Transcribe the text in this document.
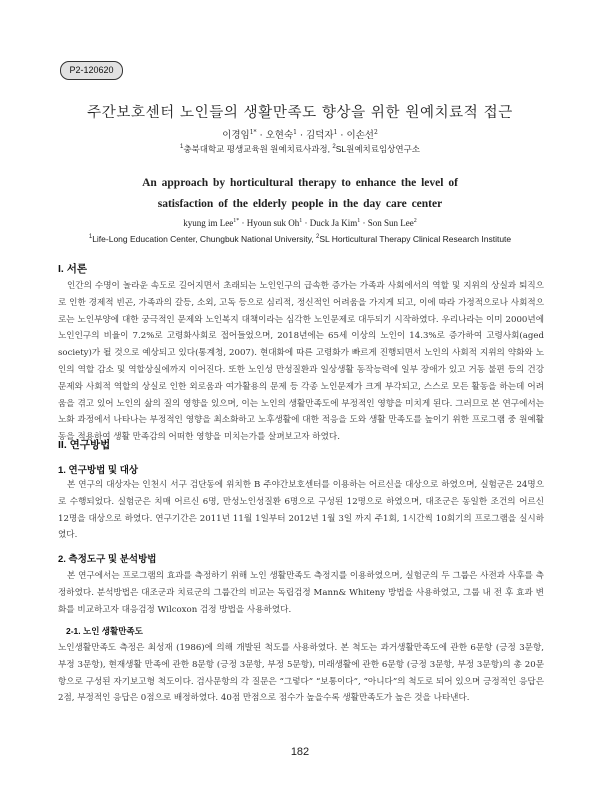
P2-120620
주간보호센터 노인들의 생활만족도 향상을 위한 원예치료적 접근
이경임$^{1*}$ · 오현숙$^1$ · 김덕자$^1$ · 이손선$^2$
$^1$충북대학교 평생교육원 원예치료사과정, $^2$SL원예치료임상연구소
An approach by horticultural therapy to enhance the level of
satisfaction of the elderly people in the day care center
kyung im Lee$^{1*}$ · Hyoun suk $Oh^1$ · Duck Ja Kim$^1$ · Son Sun Lee$^2$
$^1$Life-Long Education Center, Chungbuk National University, $^2$SL Horticultural Therapy Clinical Research Institute
I. 서론

인간의 수명이 놀라운 속도로 길어지면서 초래되는 노인인구의 급속한 증가는 가족과 사회에서의 역할 및 지위의 상실과 퇴직으로 인한 경제적 빈곤, 가족과의 갈등, 소외, 고독 등으로 심리적, 정신적인 어려움을 가지게 되고, 이에 따라 가정적으로나 사회적으로는 노인부양에 대한 궁극적인 문제와 노인복지 대책이라는 심각한 노인문제로 대두되기 시작하였다. 우리나라는 이미 2000년에 노인인구의 비율이 7.2%로 고령화사회로 접어들었으며, 2018년에는 65세 이상의 노인이 14.3%로 증가하여 고령사회(aged society)가 될 것으로 예상되고 있다(통계청, 2007). 현대화에 따른 고령화가 빠르게 진행되면서 노인의 사회적 지위의 약화와 노인의 역할 감소 및 역할상실에까지 이어진다. 또한 노인성 만성질환과 일상생활 동작능력에 일부 장애가 있고 거동 불편 등의 건강문제와 사회적 역할의 상실로 인한 외로움과 여가활용의 문제 등 각종 노인문제가 크게 부각되고, 스스로 모든 활동을 하는데 어려움을 겪고 있어 노인의 삶의 질의 영향을 있으며, 이는 노인의 생활만족도에 부정적인 영향을 미치게 된다. 그러므로 본 연구에서는 노화 과정에서 나타나는 부정적인 영향을 최소화하고 노후생활에 대한 적응을 도와 생활 만족도를 높이기 위한 프로그램 중 원예활동을 적용하여 생활 만족감의 어떠한 영향을 미치는가를 살펴보고자 하였다.

II. 연구방법
1. 연구방법 및 대상

본 연구의 대상자는 인천시 서구 검단동에 위치한 B 주야간보호센터를 이용하는 어르신을 대상으로 하였으며, 실험군은 24명으로 수행되었다. 실험군은 치매 어르신 6명, 만성노인성질환 6명으로 구성된 12명으로 하였으며, 대조군은 동일한 조건의 어르신 12명을 대상으로 하였다. 연구기간은 2011년 11월 1일부터 2012년 1월 3일 까지 주1회, 1시간씩 10회기의 프로그램을 실시하였다.

2. 측정도구 및 분석방법

본 연구에서는 프로그램의 효과를 측정하기 위해 노인 생활만족도 측정지를 이용하였으며, 실험군의 두 그룹은 사전과 사후를 측정하였다. 분석방법은 대조군과 치료군의 그룹간의 비교는 독립검정 Mann& Whiteny 방법을 사용하였고, 그룹 내 전 후 효과 변화를 비교하고자 대응검정 Wilcoxon 검정 방법을 사용하였다.

2-1. 노인 생활만족도

노인생활만족도 측정은 최성재 (1986)에 의해 개발된 척도를 사용하였다. 본 척도는 과거생활만족도에 관한 6문항 (긍정 3문항, 부정 3문항), 현재생활 만족에 관한 8문항 (긍정 3문항, 부정 5문항), 미래생활에 관한 6문항 (긍정 3문항, 부정 3문항)의 총 20문항으로 구성된 자기보고형 척도이다. 검사문항의 각 질문은 “그렇다” “보통이다”, “아니다”의 척도로 되어 있으며 긍정적인 응답은 2점, 부정적인 응답은 0점으로 배정하였다. 40점 만점으로 점수가 높을수록 생활만족도가 높은 것을 나타낸다.

182
